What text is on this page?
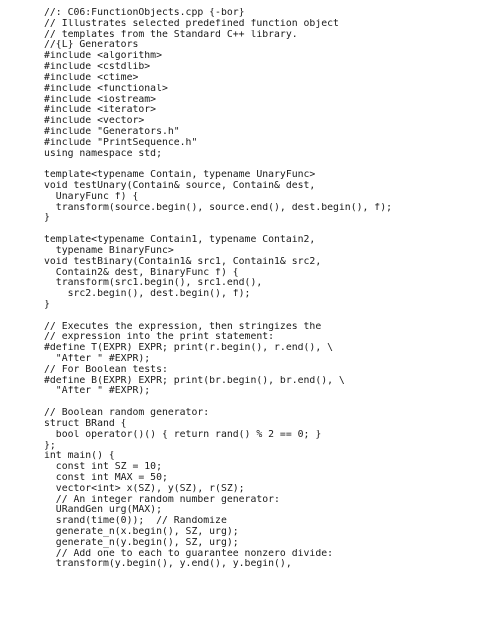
//: C06:FunctionObjects.cpp {-bor}
// Illustrates selected predefined function object
// templates from the Standard C++ library.
//{L} Generators
#include <algorithm>
#include <cstdlib>
#include <ctime>
#include <functional>
#include <iostream>
#include <iterator>
#include <vector>
#include "Generators.h"
#include "PrintSequence.h"
using namespace std;
template<typename Contain, typename UnaryFunc>
void testUnary(Contain& source, Contain& dest,
UnaryFunc f) {
transform(source.begin(), source.end(), dest.begin(), f);
}
template<typename Contain1, typename Contain2,
typename BinaryFunc>
void testBinary(Contain1& src1, Contain1& src2,
Contain2& dest, BinaryFunc f) {
transform(src1.begin(), src1.end(),
src2.begin(), dest.begin(), f);
}
// Executes the expression, then stringizes the
// expression into the print statement:
#define T(EXPR) EXPR; print(r.begin(), r.end(), \
"After " #EXPR);
// For Boolean tests:
#define B(EXPR) EXPR; print(br.begin(), br.end(), \
"After " #EXPR);
// Boolean random generator:
struct BRand {
bool operator()() { return rand() % 2 == 0; }
};
int main() {
const int SZ = 10;
const int MAX = 50;
vector<int> x(SZ), y(SZ), r(SZ);
// An integer random number generator:
URandGen urg(MAX);
srand(time(0));  // Randomize
generate_n(x.begin(), SZ, urg);
generate_n(y.begin(), SZ, urg);
// Add one to each to guarantee nonzero divide:
transform(y.begin(), y.end(), y.begin(),
